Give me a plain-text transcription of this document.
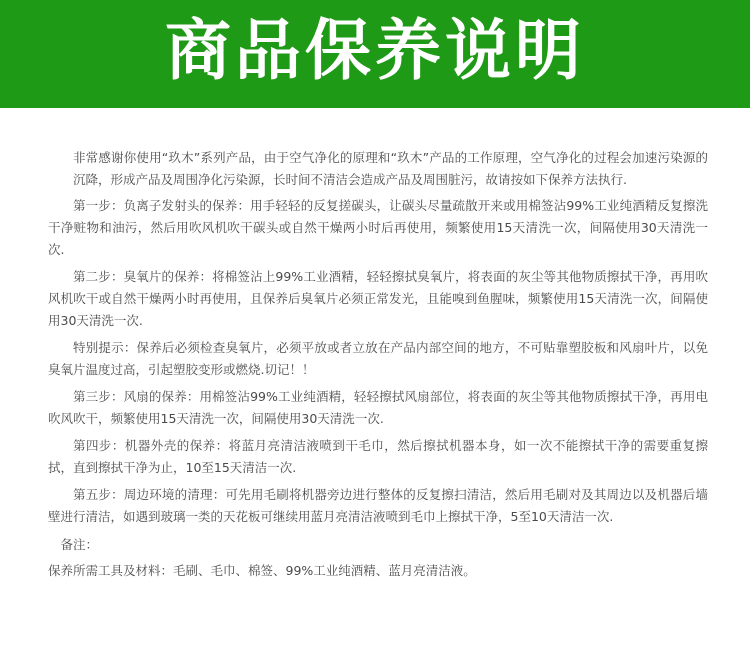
商品保养说明

非常感谢你使用“玖木”系列产品，由于空气净化的原理和“玖木”产品的工作原理，空气净化的过程会加速污染源的沉降，形成产品及周围净化污染源，长时间不清洁会造成产品及周围脏污，故请按如下保养方法执行.

第一步：负离子发射头的保养：用手轻轻的反复搓碳头，让碳头尽量疏散开来或用棉签沾99%工业纯酒精反复擦洗干净赃物和油污，然后用吹风机吹干碳头或自然干燥两小时后再使用，频繁使用15天清洗一次，间隔使用30天清洗一次.

第二步：臭氧片的保养：将棉签沾上99%工业酒精，轻轻擦拭臭氧片，将表面的灰尘等其他物质擦拭干净，再用吹风机吹干或自然干燥两小时再使用，且保养后臭氧片必须正常发光，且能嗅到鱼腥味，频繁使用15天清洗一次，间隔使用30天清洗一次.

特别提示：保养后必须检查臭氧片，必须平放或者立放在产品内部空间的地方，不可贴靠塑胶板和风扇叶片，以免臭氧片温度过高，引起塑胶变形或燃烧.切记！！

第三步：风扇的保养：用棉签沾99%工业纯酒精，轻轻擦拭风扇部位，将表面的灰尘等其他物质擦拭干净，再用电吹风吹干，频繁使用15天清洗一次，间隔使用30天清洗一次.

第四步：机器外壳的保养：将蓝月亮清洁液喷到干毛巾，然后擦拭机器本身，如一次不能擦拭干净的需要重复擦拭，直到擦拭干净为止，10至15天清洁一次.

第五步：周边环境的清理：可先用毛刷将机器旁边进行整体的反复擦扫清洁，然后用毛刷对及其周边以及机器后墙壁进行清洁，如遇到玻璃一类的天花板可继续用蓝月亮清洁液喷到毛巾上擦拭干净，5至10天清洁一次.

备注：

保养所需工具及材料：毛刷、毛巾、棉签、99%工业纯酒精、蓝月亮清洁液。
